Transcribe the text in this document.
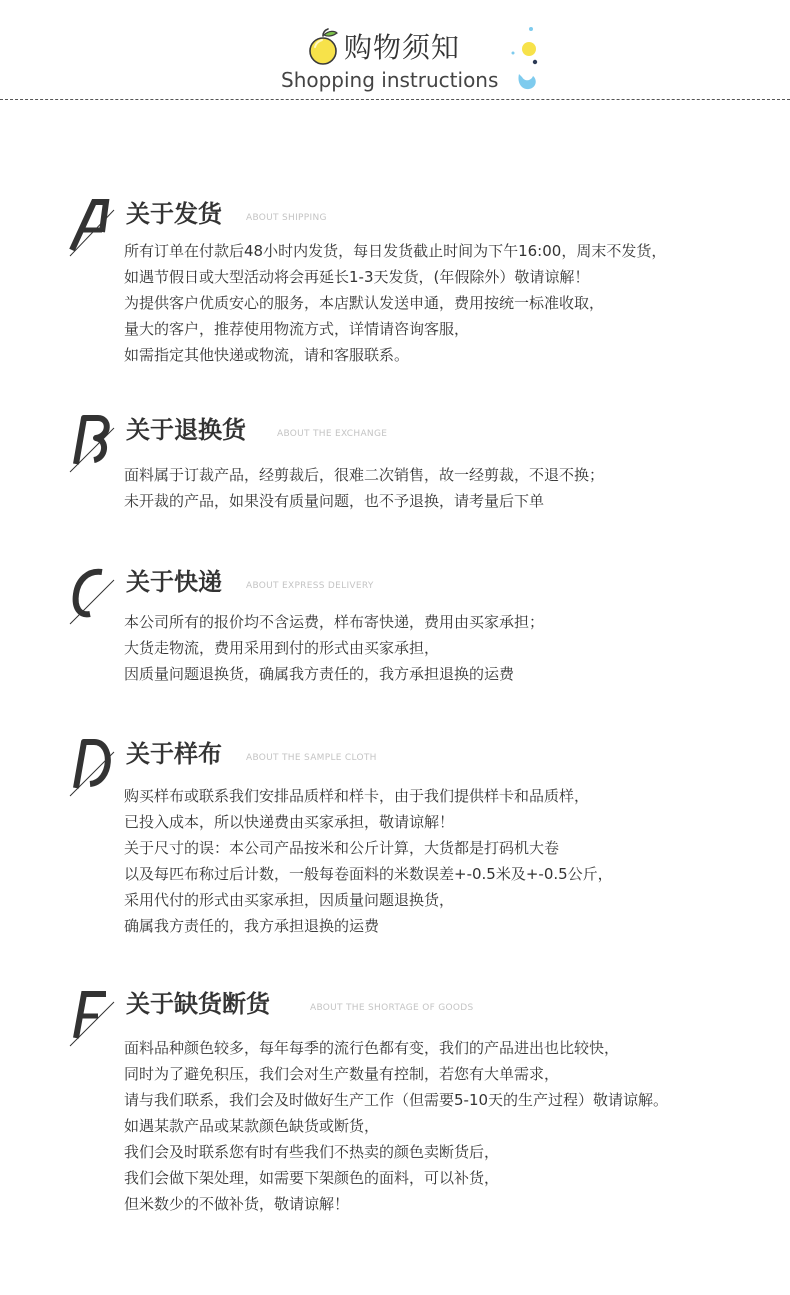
购物须知
Shopping instructions
A
关于发货	ABOUT SHIPPING
所有订单在付款后48小时内发货，每日发货截止时间为下午16:00，周末不发货，
如遇节假日或大型活动将会再延长1-3天发货，(年假除外）敬请谅解！
为提供客户优质安心的服务，本店默认发送申通，费用按统一标准收取，
量大的客户，推荐使用物流方式，详情请咨询客服，
如需指定其他快递或物流，请和客服联系。
B
关于退换货	ABOUT THE EXCHANGE
面料属于订裁产品，经剪裁后，很难二次销售，故一经剪裁，不退不换；
未开裁的产品，如果没有质量问题，也不予退换，请考量后下单
C
关于快递	ABOUT EXPRESS DELIVERY
本公司所有的报价均不含运费，样布寄快递，费用由买家承担；
大货走物流，费用采用到付的形式由买家承担，
因质量问题退换货，确属我方责任的，我方承担退换的运费
D
关于样布	ABOUT THE SAMPLE CLOTH
购买样布或联系我们安排品质样和样卡，由于我们提供样卡和品质样，
已投入成本，所以快递费由买家承担，敬请谅解！
关于尺寸的误：本公司产品按米和公斤计算，大货都是打码机大卷
以及每匹布称过后计数，一般每卷面料的米数误差+-0.5米及+-0.5公斤，
采用代付的形式由买家承担，因质量问题退换货，
确属我方责任的，我方承担退换的运费
E
关于缺货断货	ABOUT THE SHORTAGE OF GOODS
面料品种颜色较多，每年每季的流行色都有变，我们的产品进出也比较快，
同时为了避免积压，我们会对生产数量有控制，若您有大单需求，
请与我们联系，我们会及时做好生产工作（但需要5-10天的生产过程）敬请谅解。
如遇某款产品或某款颜色缺货或断货，
我们会及时联系您有时有些我们不热卖的颜色卖断货后，
我们会做下架处理，如需要下架颜色的面料，可以补货，
但米数少的不做补货，敬请谅解！
